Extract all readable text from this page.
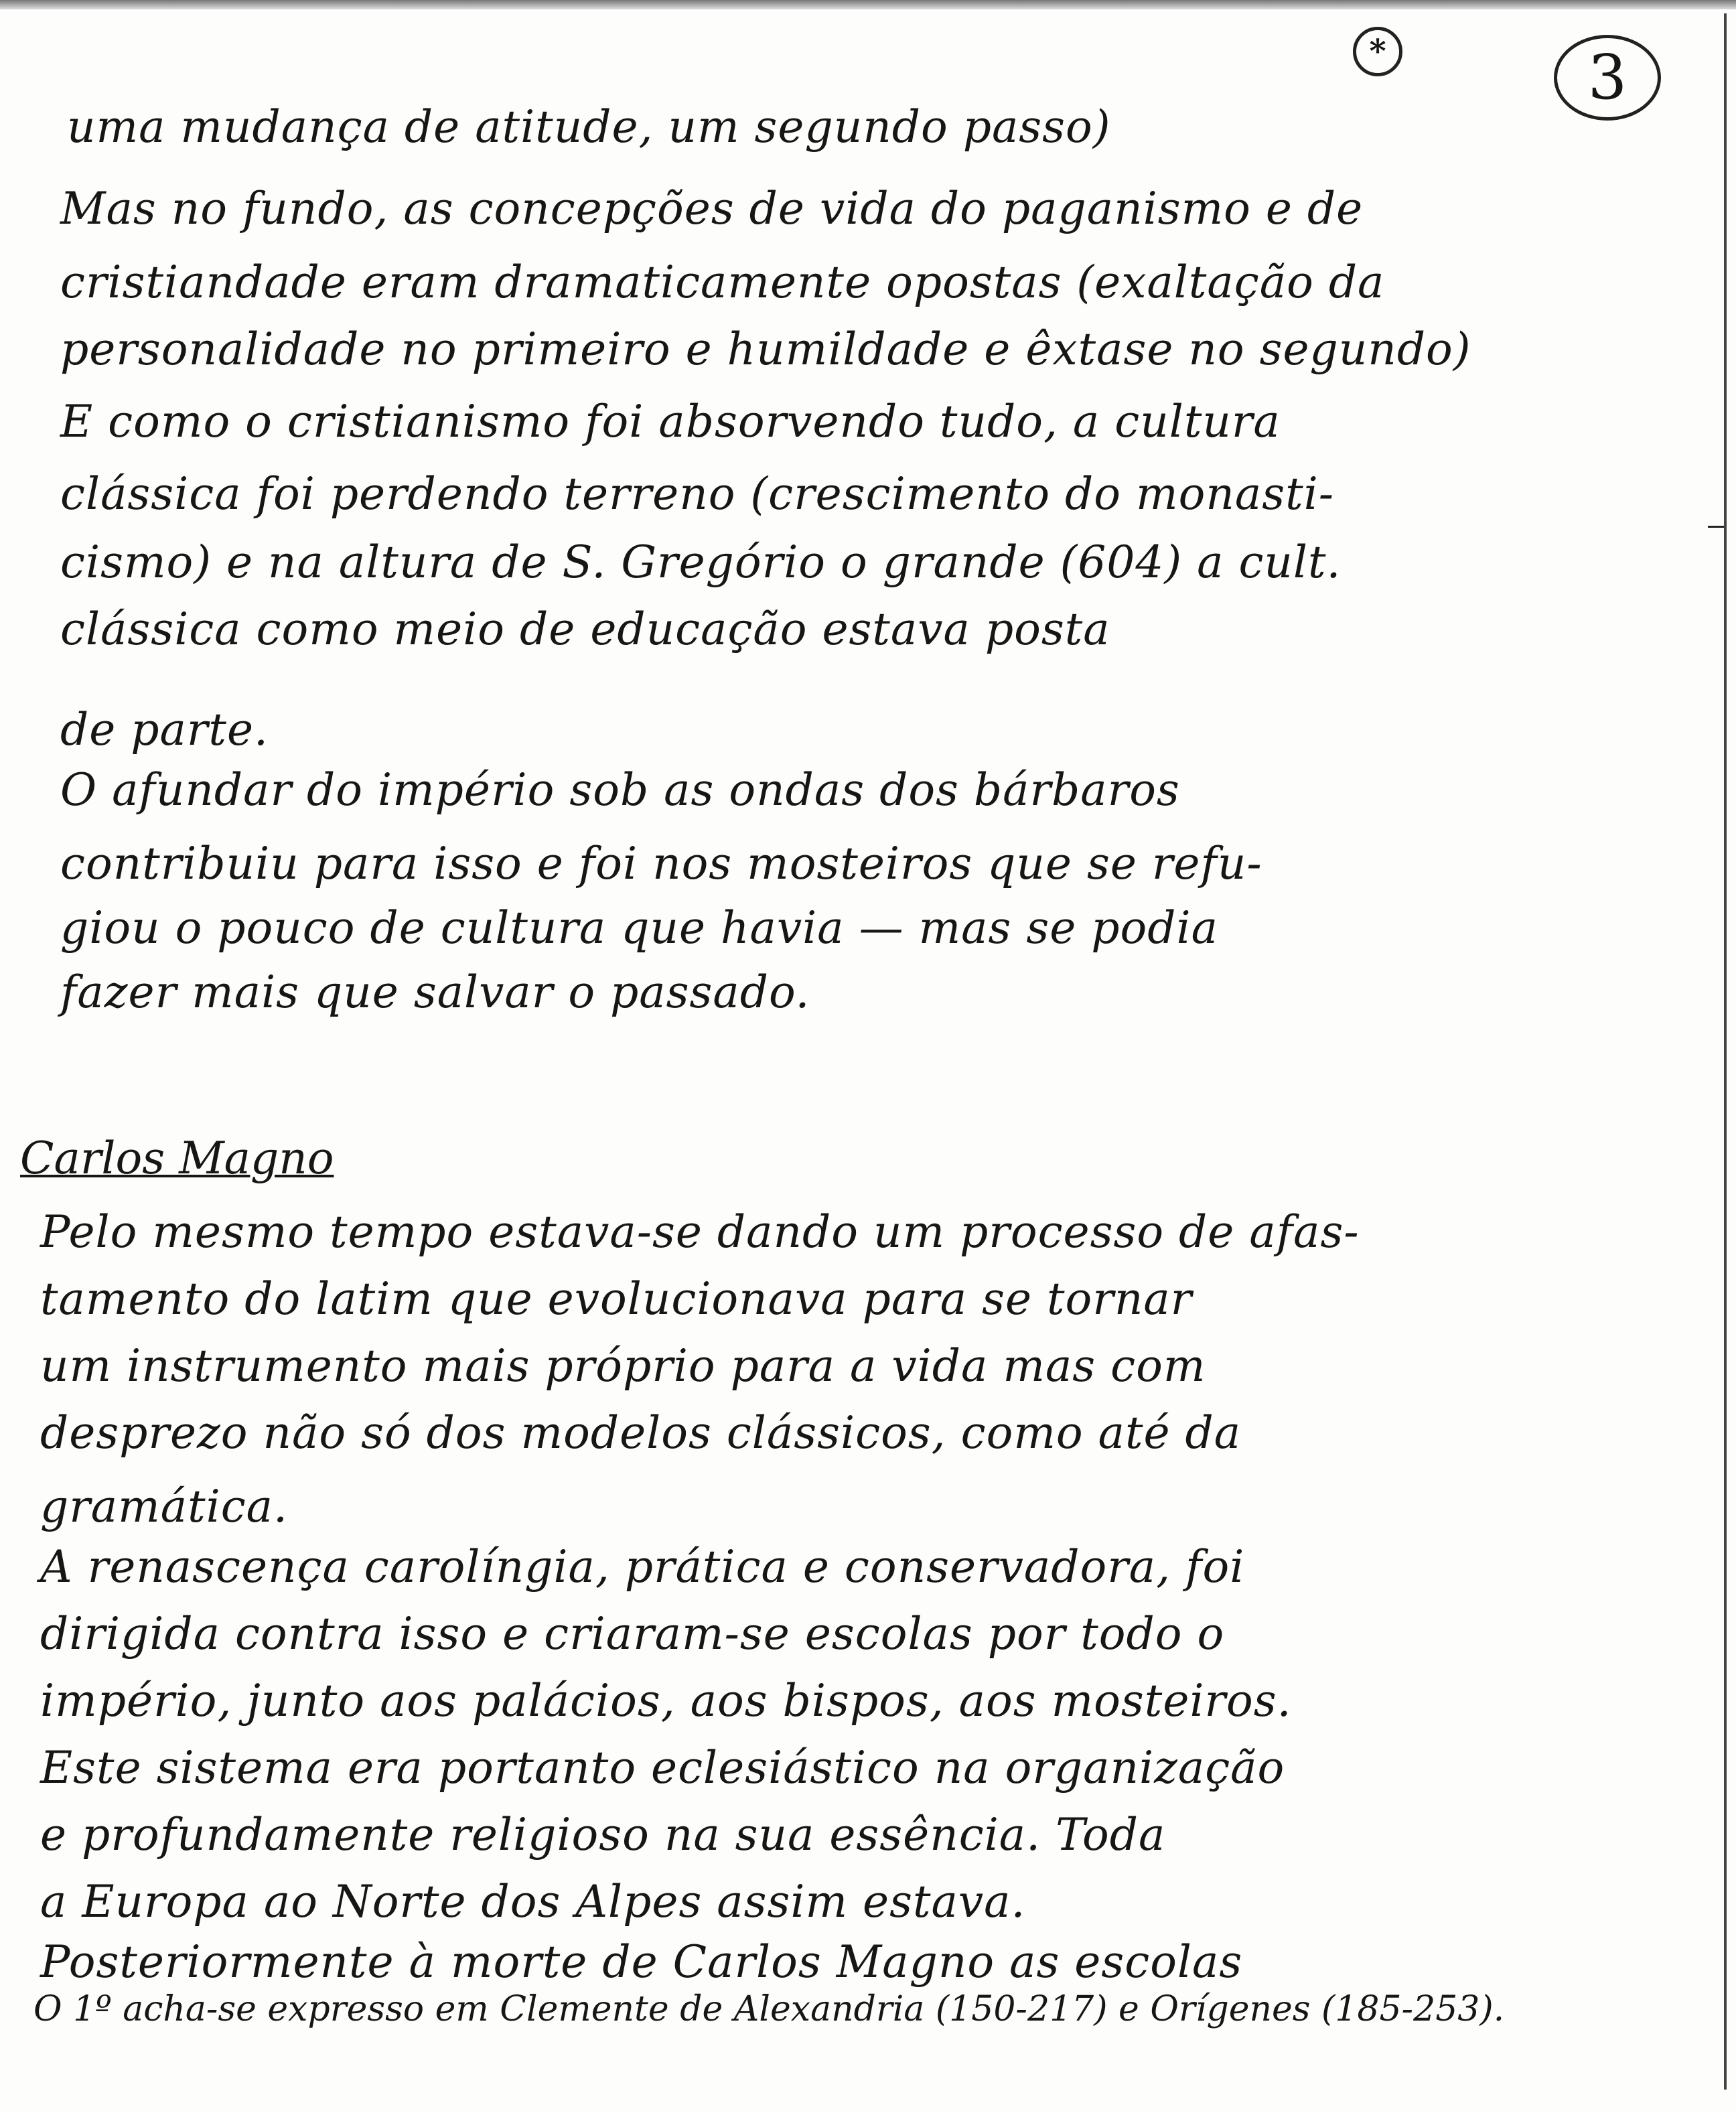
*	3
uma mudança de atitude, um segundo passo)
Mas no fundo, as concepções de vida do paganismo e de
cristiandade eram dramaticamente opostas (exaltação da
personalidade no primeiro e humildade e êxtase no segundo)
E como o cristianismo foi absorvendo tudo, a cultura
clássica foi perdendo terreno (crescimento do monasti-
cismo) e na altura de S. Gregório o grande (604) a cult.
clássica como meio de educação estava posta
de parte.
O afundar do império sob as ondas dos bárbaros
contribuiu para isso e foi nos mosteiros que se refu-
giou o pouco de cultura que havia — mas se podia
fazer mais que salvar o passado.
Carlos Magno
Pelo mesmo tempo estava-se dando um processo de afas-
tamento do latim que evolucionava para se tornar
um instrumento mais próprio para a vida mas com
desprezo não só dos modelos clássicos, como até da
gramática.
A renascença carolíngia, prática e conservadora, foi
dirigida contra isso e criaram-se escolas por todo o
império, junto aos palácios, aos bispos, aos mosteiros.
Este sistema era portanto eclesiástico na organização
e profundamente religioso na sua essência. Toda
a Europa ao Norte dos Alpes assim estava.
Posteriormente à morte de Carlos Magno as escolas
O 1º acha-se expresso em Clemente de Alexandria (150-217) e Orígenes (185-253).
